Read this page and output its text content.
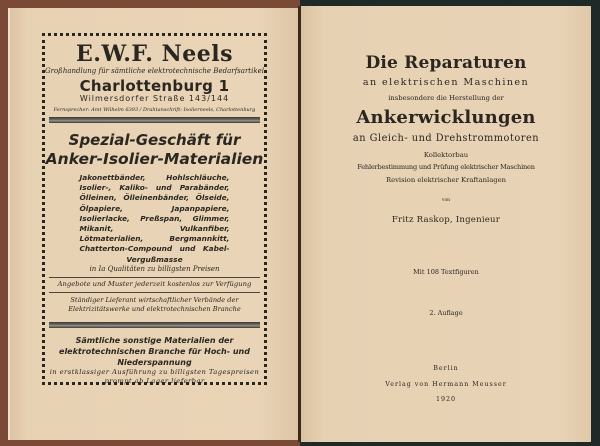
E.W.F. Neels
Großhandlung für sämtliche elektrotechnische Bedarfsartikel
Charlottenburg 1
Wilmersdorfer Straße 143/144
Fernsprecher: Amt Wilhelm 6393 / Drahtanschrift: Isolierneels, Charlottenburg
Spezial-Geschäft für
Anker-Isolier-Materialien
Jakonettbänder, Hohlschläuche, Isolier-, Kaliko- und Parabänder, Ölleinen, Ölleinenbänder, Ölseide, Ölpapiere, Japanpapiere, Isolierlacke, Preßspan, Glimmer, Mikanit, Vulkanfiber, Lötmaterialien, Bergmannkitt, Chatterton-Compound und Kabel-Vergußmasse
in Ia Qualitäten zu billigsten Preisen
Angebote und Muster jederzeit kostenlos zur Verfügung
Ständiger Lieferant wirtschaftlicher Verbände der Elektrizitätswerke und elektrotechnischen Branche
Sämtliche sonstige Materialien der elektrotechnischen Branche für Hoch- und Niederspannung
in erstklassiger Ausführung zu billigsten Tagespreisen prompt ab Lager lieferbar
Die Reparaturen
an elektrischen Maschinen
insbesondere die Herstellung der
Ankerwicklungen
an Gleich- und Drehstrommotoren
Kollektorbau
Fehlerbestimmung und Prüfung elektrischer Maschinen
Revision elektrischer Kraftanlagen
von
Fritz Raskop, Ingenieur
Mit 108 Textfiguren
2. Auflage
Berlin
Verlag von Hermann Meusser
1920
